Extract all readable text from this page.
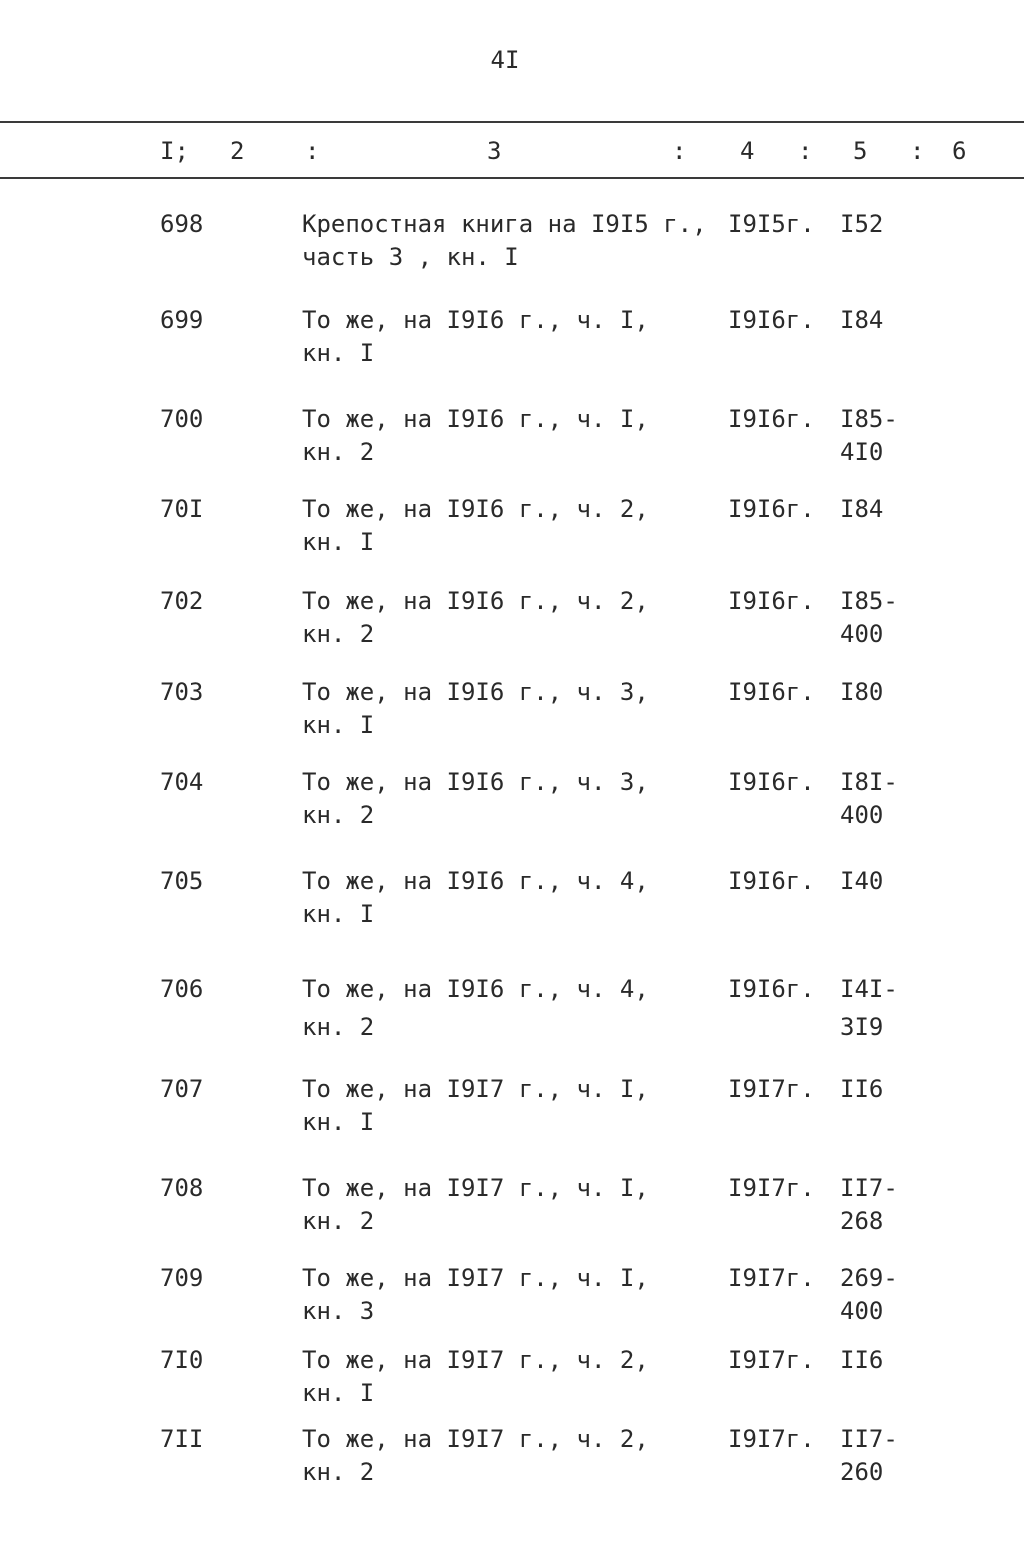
4I
I; 2	:	3	: 4 : 5 : 6
698	Крепостная книга на I9I5 г.,
часть 3 , кн. I
I9I5г.	I52
699	То же, на I9I6 г., ч. I,
кн. I
I9I6г.	I84
700	То же, на I9I6 г., ч. I,
кн. 2
I9I6г.	I85-
4I0
70I	То же, на I9I6 г., ч. 2,
кн. I
I9I6г.	I84
702	То же, на I9I6 г., ч. 2,
кн. 2
I9I6г.	I85-
400
703	То же, на I9I6 г., ч. 3,
кн. I
I9I6г.	I80
704	То же, на I9I6 г., ч. 3,
кн. 2
I9I6г.	I8I-
400
705	То же, на I9I6 г., ч. 4,
кн. I
I9I6г.	I40
706	То же, на I9I6 г., ч. 4,
кн. 2
I9I6г.	I4I-
3I9
707	То же, на I9I7 г., ч. I,
кн. I
I9I7г.	II6
708	То же, на I9I7 г., ч. I,
кн. 2
I9I7г.	II7-
268
709	То же, на I9I7 г., ч. I,
кн. 3
I9I7г.	269-
400
7I0	То же, на I9I7 г., ч. 2,
кн. I
I9I7г.	II6
7II	То же, на I9I7 г., ч. 2,
кн. 2
I9I7г.	II7-
260
